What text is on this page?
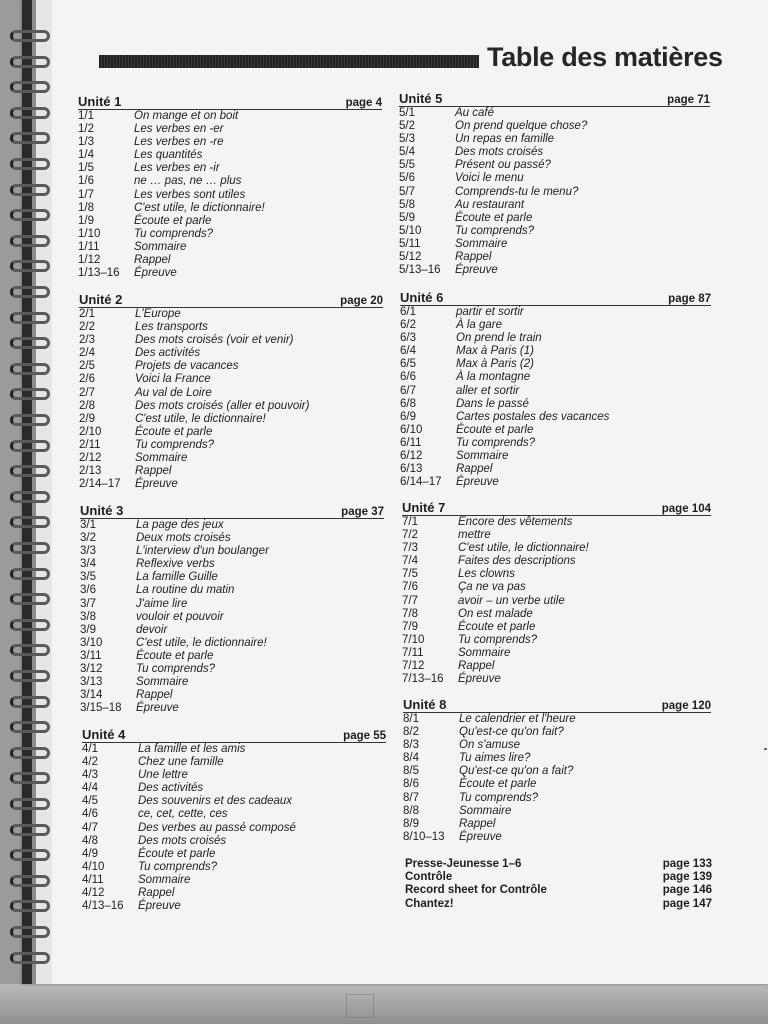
Table des matières
Unité 1	page 4
1/1	On mange et on boit
1/2	Les verbes en -er
1/3	Les verbes en -re
1/4	Les quantités
1/5	Les verbes en -ir
1/6	ne … pas, ne … plus
1/7	Les verbes sont utiles
1/8	C'est utile, le dictionnaire!
1/9	Écoute et parle
1/10	Tu comprends?
1/11	Sommaire
1/12	Rappel
1/13–16	Épreuve
Unité 2	page 20
2/1	L'Europe
2/2	Les transports
2/3	Des mots croisés (voir et venir)
2/4	Des activités
2/5	Projets de vacances
2/6	Voici la France
2/7	Au val de Loire
2/8	Des mots croisés (aller et pouvoir)
2/9	C'est utile, le dictionnaire!
2/10	Écoute et parle
2/11	Tu comprends?
2/12	Sommaire
2/13	Rappel
2/14–17	Épreuve
Unité 3	page 37
3/1	La page des jeux
3/2	Deux mots croisés
3/3	L'interview d'un boulanger
3/4	Reflexive verbs
3/5	La famille Guille
3/6	La routine du matin
3/7	J'aime lire
3/8	vouloir et pouvoir
3/9	devoir
3/10	C'est utile, le dictionnaire!
3/11	Écoute et parle
3/12	Tu comprends?
3/13	Sommaire
3/14	Rappel
3/15–18	Épreuve
Unité 4	page 55
4/1	La famille et les amis
4/2	Chez une famille
4/3	Une lettre
4/4	Des activités
4/5	Des souvenirs et des cadeaux
4/6	ce, cet, cette, ces
4/7	Des verbes au passé composé
4/8	Des mots croisés
4/9	Écoute et parle
4/10	Tu comprends?
4/11	Sommaire
4/12	Rappel
4/13–16	Épreuve
Unité 5	page 71
5/1	Au café
5/2	On prend quelque chose?
5/3	Un repas en famille
5/4	Des mots croisés
5/5	Présent ou passé?
5/6	Voici le menu
5/7	Comprends-tu le menu?
5/8	Au restaurant
5/9	Écoute et parle
5/10	Tu comprends?
5/11	Sommaire
5/12	Rappel
5/13–16	Épreuve
Unité 6	page 87
6/1	partir et sortir
6/2	À la gare
6/3	On prend le train
6/4	Max à Paris (1)
6/5	Max à Paris (2)
6/6	À la montagne
6/7	aller et sortir
6/8	Dans le passé
6/9	Cartes postales des vacances
6/10	Écoute et parle
6/11	Tu comprends?
6/12	Sommaire
6/13	Rappel
6/14–17	Épreuve
Unité 7	page 104
7/1	Encore des vêtements
7/2	mettre
7/3	C'est utile, le dictionnaire!
7/4	Faites des descriptions
7/5	Les clowns
7/6	Ça ne va pas
7/7	avoir – un verbe utile
7/8	On est malade
7/9	Écoute et parle
7/10	Tu comprends?
7/11	Sommaire
7/12	Rappel
7/13–16	Épreuve
Unité 8	page 120
8/1	Le calendrier et l'heure
8/2	Qu'est-ce qu'on fait?
8/3	On s'amuse
8/4	Tu aimes lire?
8/5	Qu'est-ce qu'on a fait?
8/6	Écoute et parle
8/7	Tu comprends?
8/8	Sommaire
8/9	Rappel
8/10–13	Épreuve
Presse-Jeunesse 1–6	page 133
Contrôle	page 139
Record sheet for Contrôle	page 146
Chantez!	page 147
